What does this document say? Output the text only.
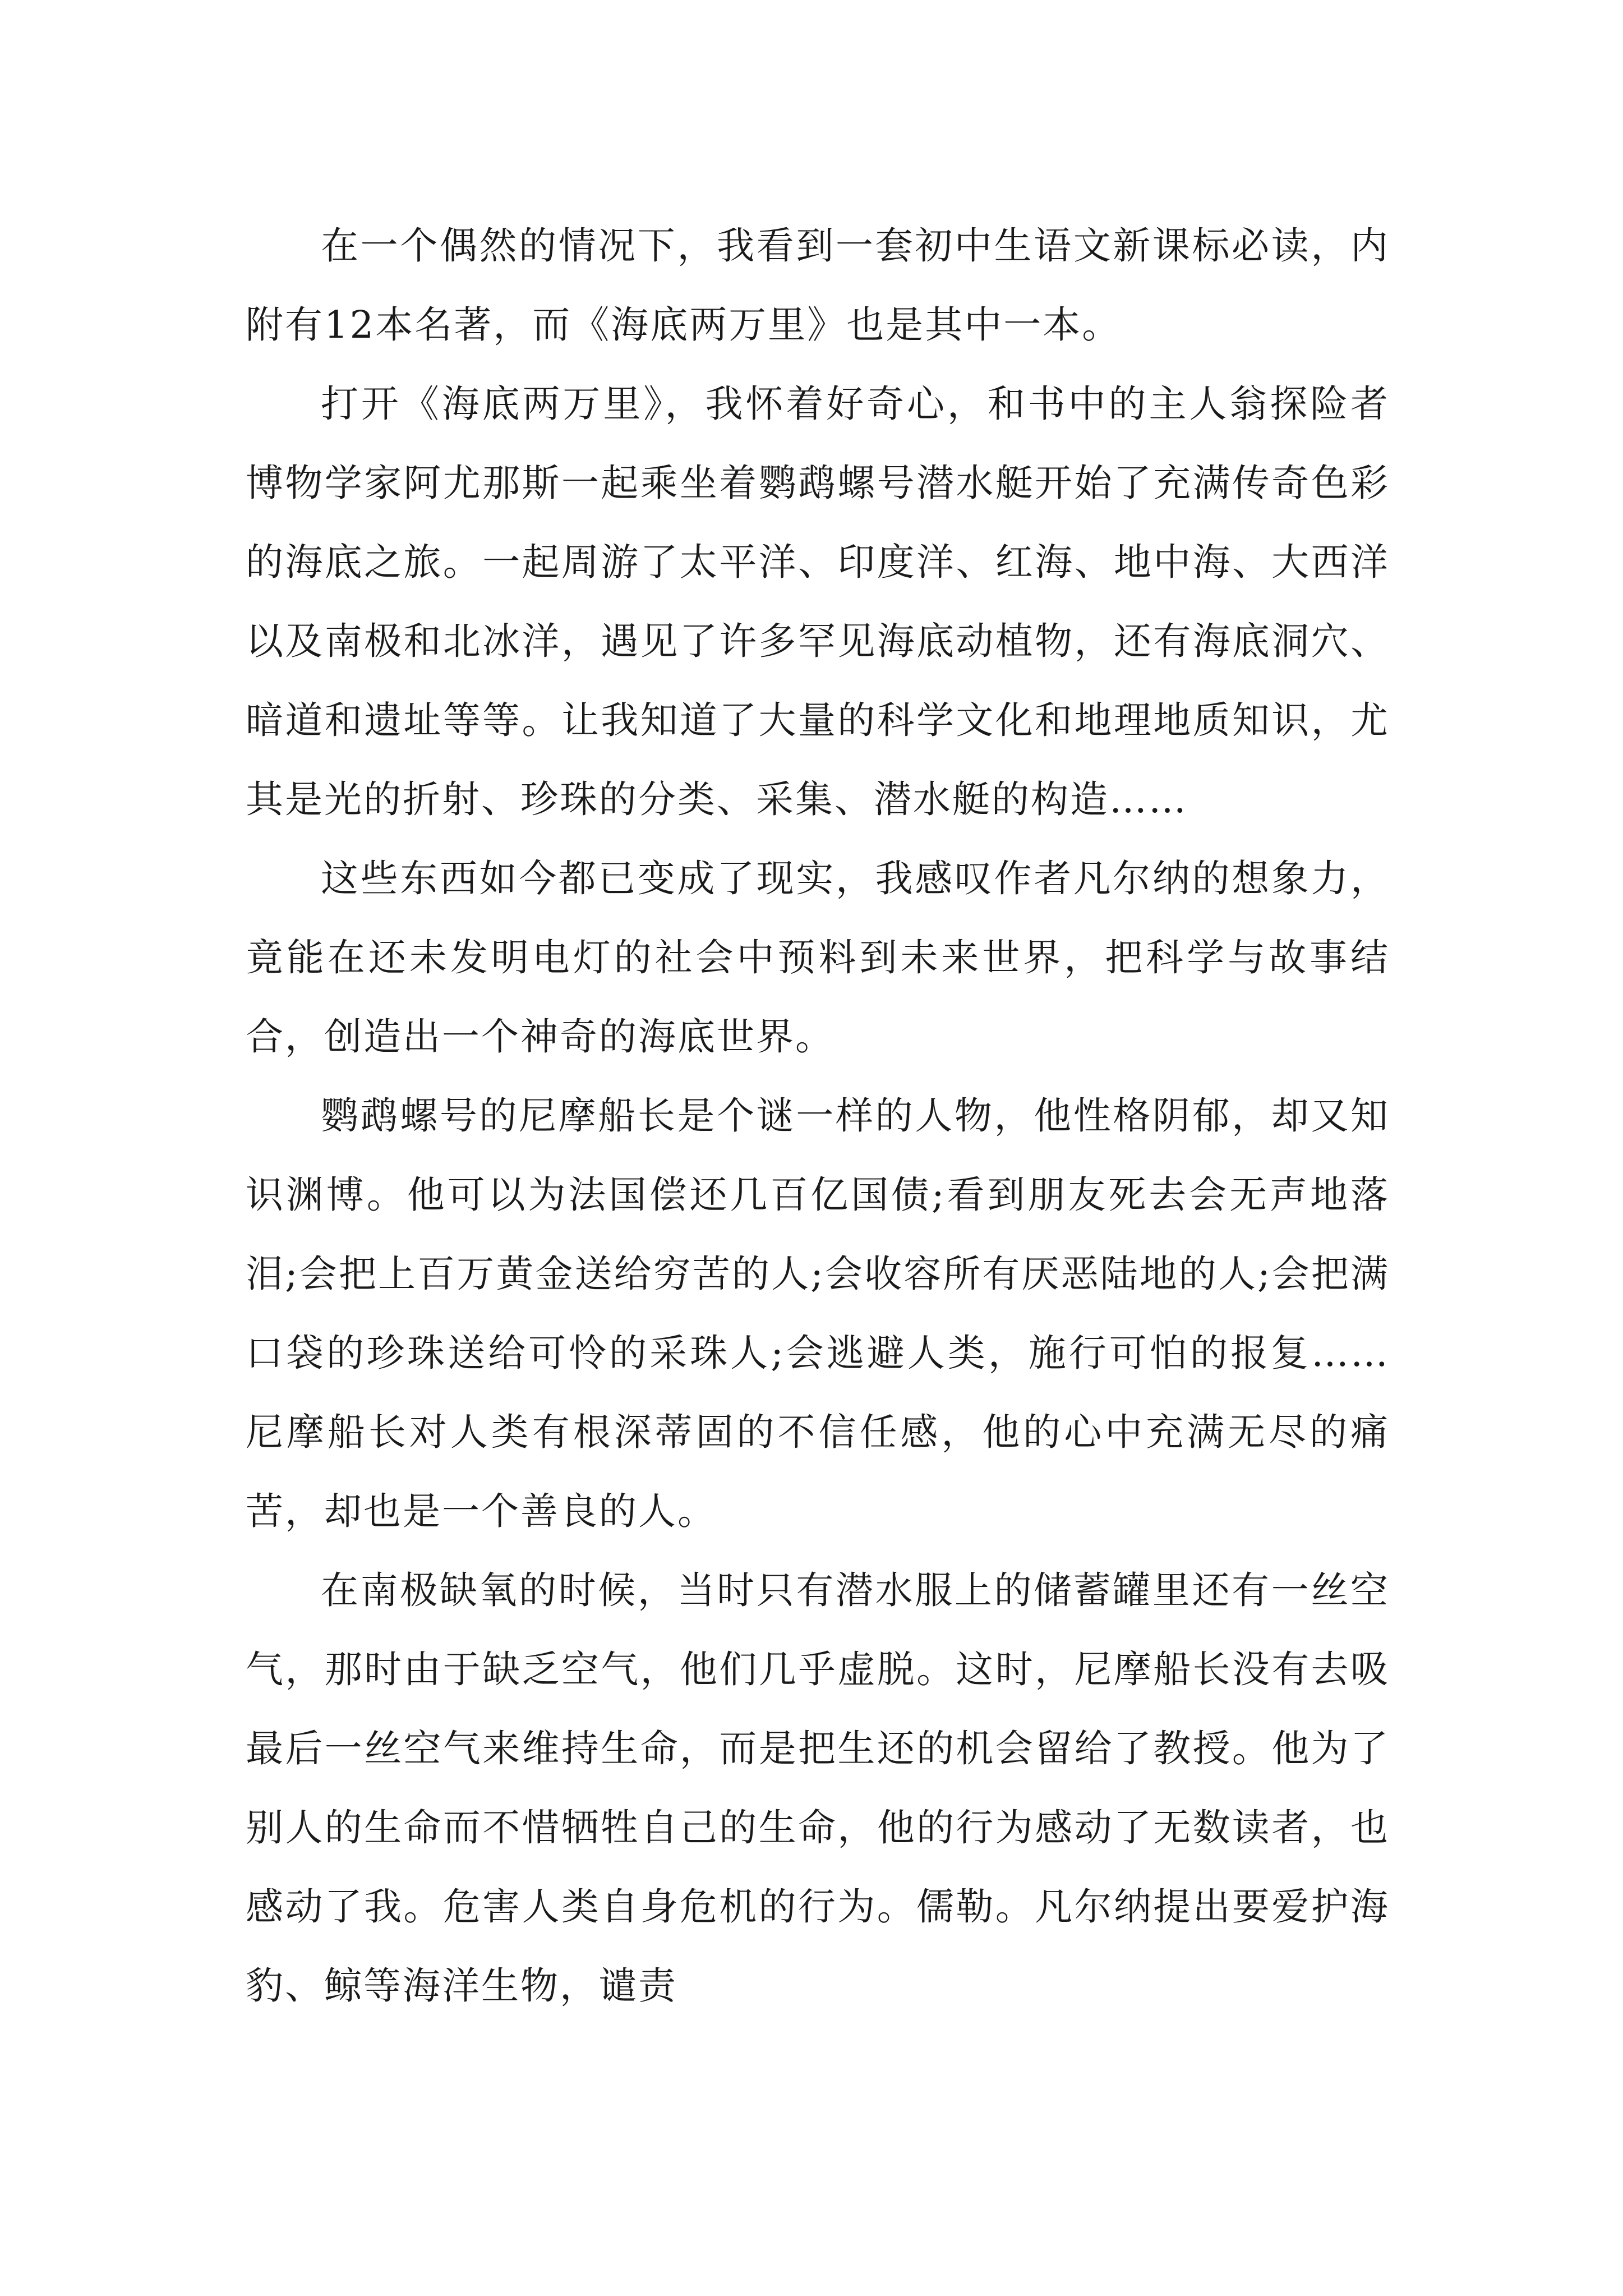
在一个偶然的情况下，我看到一套初中生语文新课标必读，内附有12本名著，而《海底两万里》也是其中一本。

打开《海底两万里》，我怀着好奇心，和书中的主人翁探险者博物学家阿尤那斯一起乘坐着鹦鹉螺号潜水艇开始了充满传奇色彩的海底之旅。一起周游了太平洋、印度洋、红海、地中海、大西洋以及南极和北冰洋，遇见了许多罕见海底动植物，还有海底洞穴、暗道和遗址等等。让我知道了大量的科学文化和地理地质知识，尤其是光的折射、珍珠的分类、采集、潜水艇的构造……

这些东西如今都已变成了现实，我感叹作者凡尔纳的想象力，竟能在还未发明电灯的社会中预料到未来世界，把科学与故事结合，创造出一个神奇的海底世界。

鹦鹉螺号的尼摩船长是个谜一样的人物，他性格阴郁，却又知识渊博。他可以为法国偿还几百亿国债;看到朋友死去会无声地落泪;会把上百万黄金送给穷苦的人;会收容所有厌恶陆地的人;会把满口袋的珍珠送给可怜的采珠人;会逃避人类，施行可怕的报复……尼摩船长对人类有根深蒂固的不信任感，他的心中充满无尽的痛苦，却也是一个善良的人。

在南极缺氧的时候，当时只有潜水服上的储蓄罐里还有一丝空气，那时由于缺乏空气，他们几乎虚脱。这时，尼摩船长没有去吸最后一丝空气来维持生命，而是把生还的机会留给了教授。他为了别人的生命而不惜牺牲自己的生命，他的行为感动了无数读者，也感动了我。危害人类自身危机的行为。儒勒。凡尔纳提出要爱护海豹、鲸等海洋生物，谴责
